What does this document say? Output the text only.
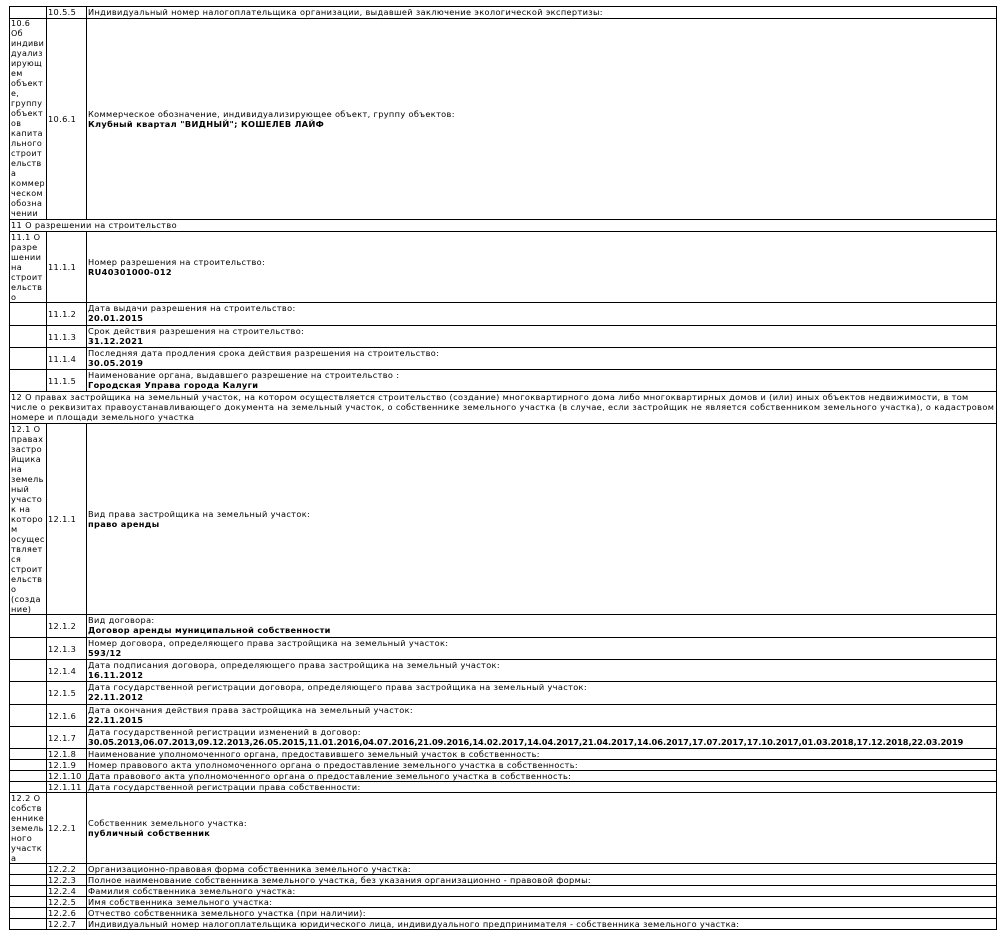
	10.5.5	Индивидуальный номер налогоплательщика организации, выдавшей заключение экологической экспертизы:
10.6 Об индивидуализирующем объекте, группу объектов капитального строительства коммерческом обозначении	10.6.1	Коммерческое обозначение, индивидуализирующее объект, группу объектов:
Клубный квартал "ВИДНЫЙ"; КОШЕЛЕВ ЛАЙФ

11 О разрешении на строительство		
11.1 О разрешении на строительство	11.1.1	Номер разрешения на строительство:
RU40301000-012

	11.1.2	Дата выдачи разрешения на строительство:
20.01.2015

	11.1.3	Срок действия разрешения на строительство:
31.12.2021

	11.1.4	Последняя дата продления срока действия разрешения на строительство:
30.05.2019

	11.1.5	Наименование органа, выдавшего разрешение на строительство :
Городская Управа города Калуги

12 О правах застройщика на земельный участок, на котором осуществляется строительство (создание) многоквартирного дома либо многоквартирных домов и (или) иных объектов недвижимости, в том числе о реквизитах правоустанавливающего документа на земельный участок, о собственнике земельного участка (в случае, если застройщик не является собственником земельного участка), о кадастровом номере и площади земельного участка		
12.1 О правах застройщика на земельный участок на котором осуществляется строительство (создание)	12.1.1	Вид права застройщика на земельный участок:
право аренды

	12.1.2	Вид договора:
Договор аренды муниципальной собственности

	12.1.3	Номер договора, определяющего права застройщика на земельный участок:
593/12

	12.1.4	Дата подписания договора, определяющего права застройщика на земельный участок:
16.11.2012

	12.1.5	Дата государственной регистрации договора, определяющего права застройщика на земельный участок:
22.11.2012

	12.1.6	Дата окончания действия права застройщика на земельный участок:
22.11.2015

	12.1.7	Дата государственной регистрации изменений в договор:
30.05.2013,06.07.2013,09.12.2013,26.05.2015,11.01.2016,04.07.2016,21.09.2016,14.02.2017,14.04.2017,21.04.2017,14.06.2017,17.07.2017,17.10.2017,01.03.2018,17.12.2018,22.03.2019

	12.1.8	Наименование уполномоченного органа, предоставившего земельный участок в собственность:
	12.1.9	Номер правового акта уполномоченного органа о предоставление земельного участка в собственность:
	12.1.10	Дата правового акта уполномоченного органа о предоставление земельного участка в собственность:
	12.1.11	Дата государственной регистрации права собственности:
12.2 О собственнике земельного участка	12.2.1	Собственник земельного участка:
публичный собственник

	12.2.2	Организационно-правовая форма собственника земельного участка:
	12.2.3	Полное наименование собственника земельного участка, без указания организационно - правовой формы:
	12.2.4	Фамилия собственника земельного участка:
	12.2.5	Имя собственника земельного участка:
	12.2.6	Отчество собственника земельного участка (при наличии):
	12.2.7	Индивидуальный номер налогоплательщика юридического лица, индивидуального предпринимателя - собственника земельного участка:
